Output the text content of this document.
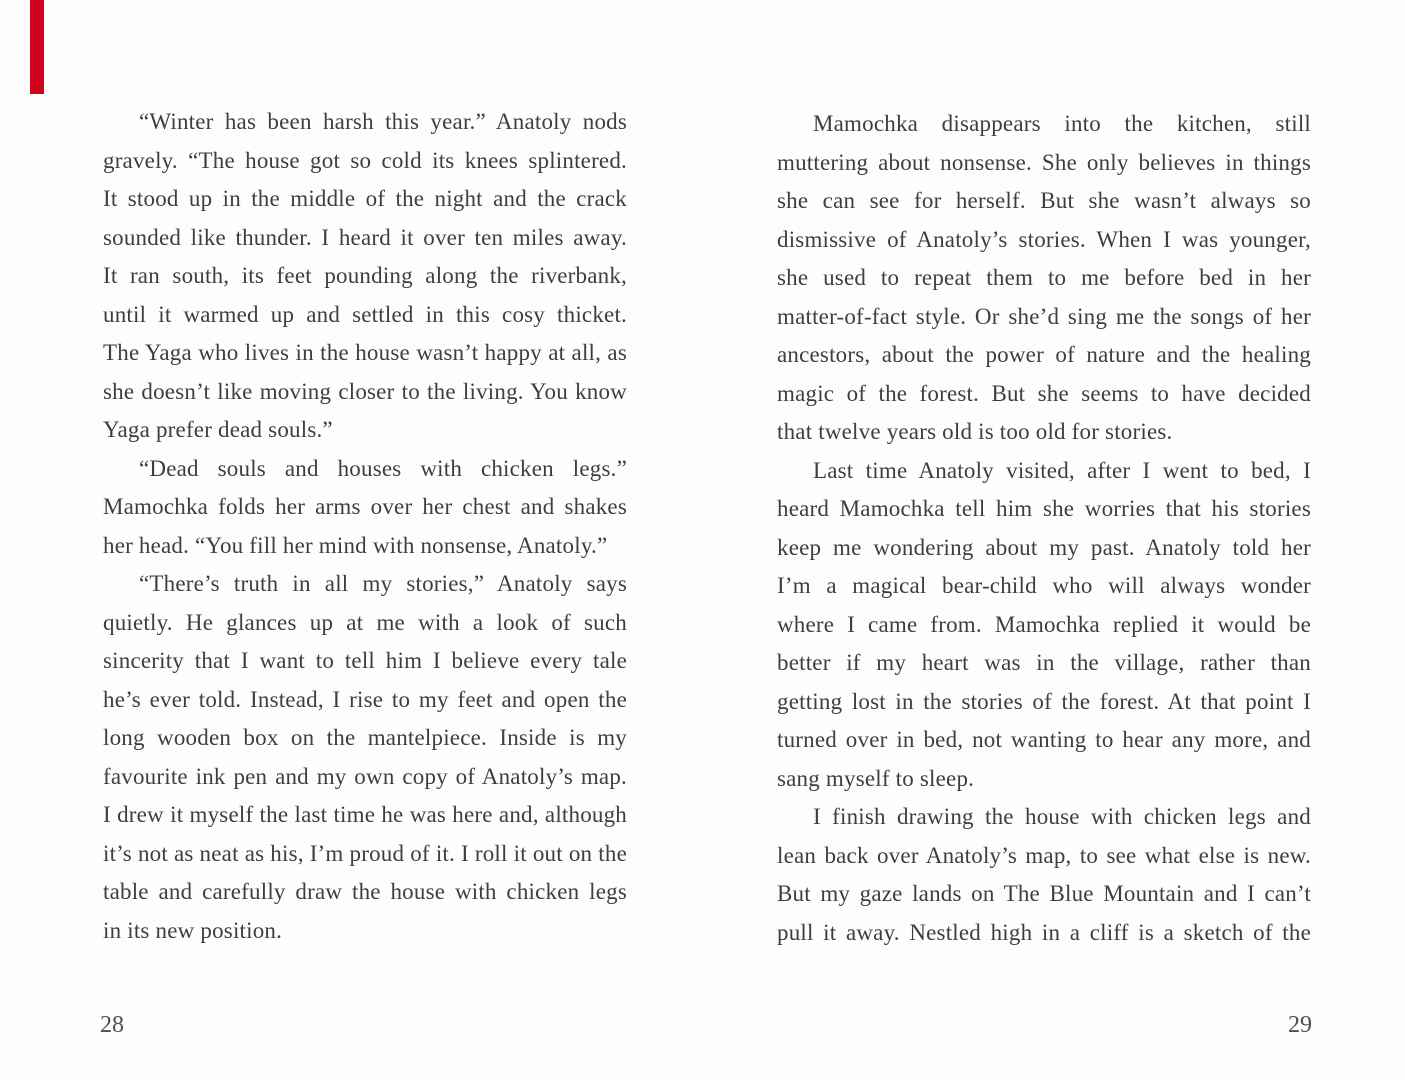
“Winter has been harsh this year.” Anatoly nods
gravely. “The house got so cold its knees splintered.
It stood up in the middle of the night and the crack
sounded like thunder. I heard it over ten miles away.
It ran south, its feet pounding along the riverbank,
until it warmed up and settled in this cosy thicket.
The Yaga who lives in the house wasn’t happy at all, as
she doesn’t like moving closer to the living. You know
Yaga prefer dead souls.”
“Dead souls and houses with chicken legs.”
Mamochka folds her arms over her chest and shakes
her head. “You fill her mind with nonsense, Anatoly.”
“There’s truth in all my stories,” Anatoly says
quietly. He glances up at me with a look of such
sincerity that I want to tell him I believe every tale
he’s ever told. Instead, I rise to my feet and open the
long wooden box on the mantelpiece. Inside is my
favourite ink pen and my own copy of Anatoly’s map.
I drew it myself the last time he was here and, although
it’s not as neat as his, I’m proud of it. I roll it out on the
table and carefully draw the house with chicken legs
in its new position.
Mamochka disappears into the kitchen, still
muttering about nonsense. She only believes in things
she can see for herself. But she wasn’t always so
dismissive of Anatoly’s stories. When I was younger,
she used to repeat them to me before bed in her
matter-of-fact style. Or she’d sing me the songs of her
ancestors, about the power of nature and the healing
magic of the forest. But she seems to have decided
that twelve years old is too old for stories.
Last time Anatoly visited, after I went to bed, I
heard Mamochka tell him she worries that his stories
keep me wondering about my past. Anatoly told her
I’m a magical bear-child who will always wonder
where I came from. Mamochka replied it would be
better if my heart was in the village, rather than
getting lost in the stories of the forest. At that point I
turned over in bed, not wanting to hear any more, and
sang myself to sleep.
I finish drawing the house with chicken legs and
lean back over Anatoly’s map, to see what else is new.
But my gaze lands on The Blue Mountain and I can’t
pull it away. Nestled high in a cliff is a sketch of the
28	29
